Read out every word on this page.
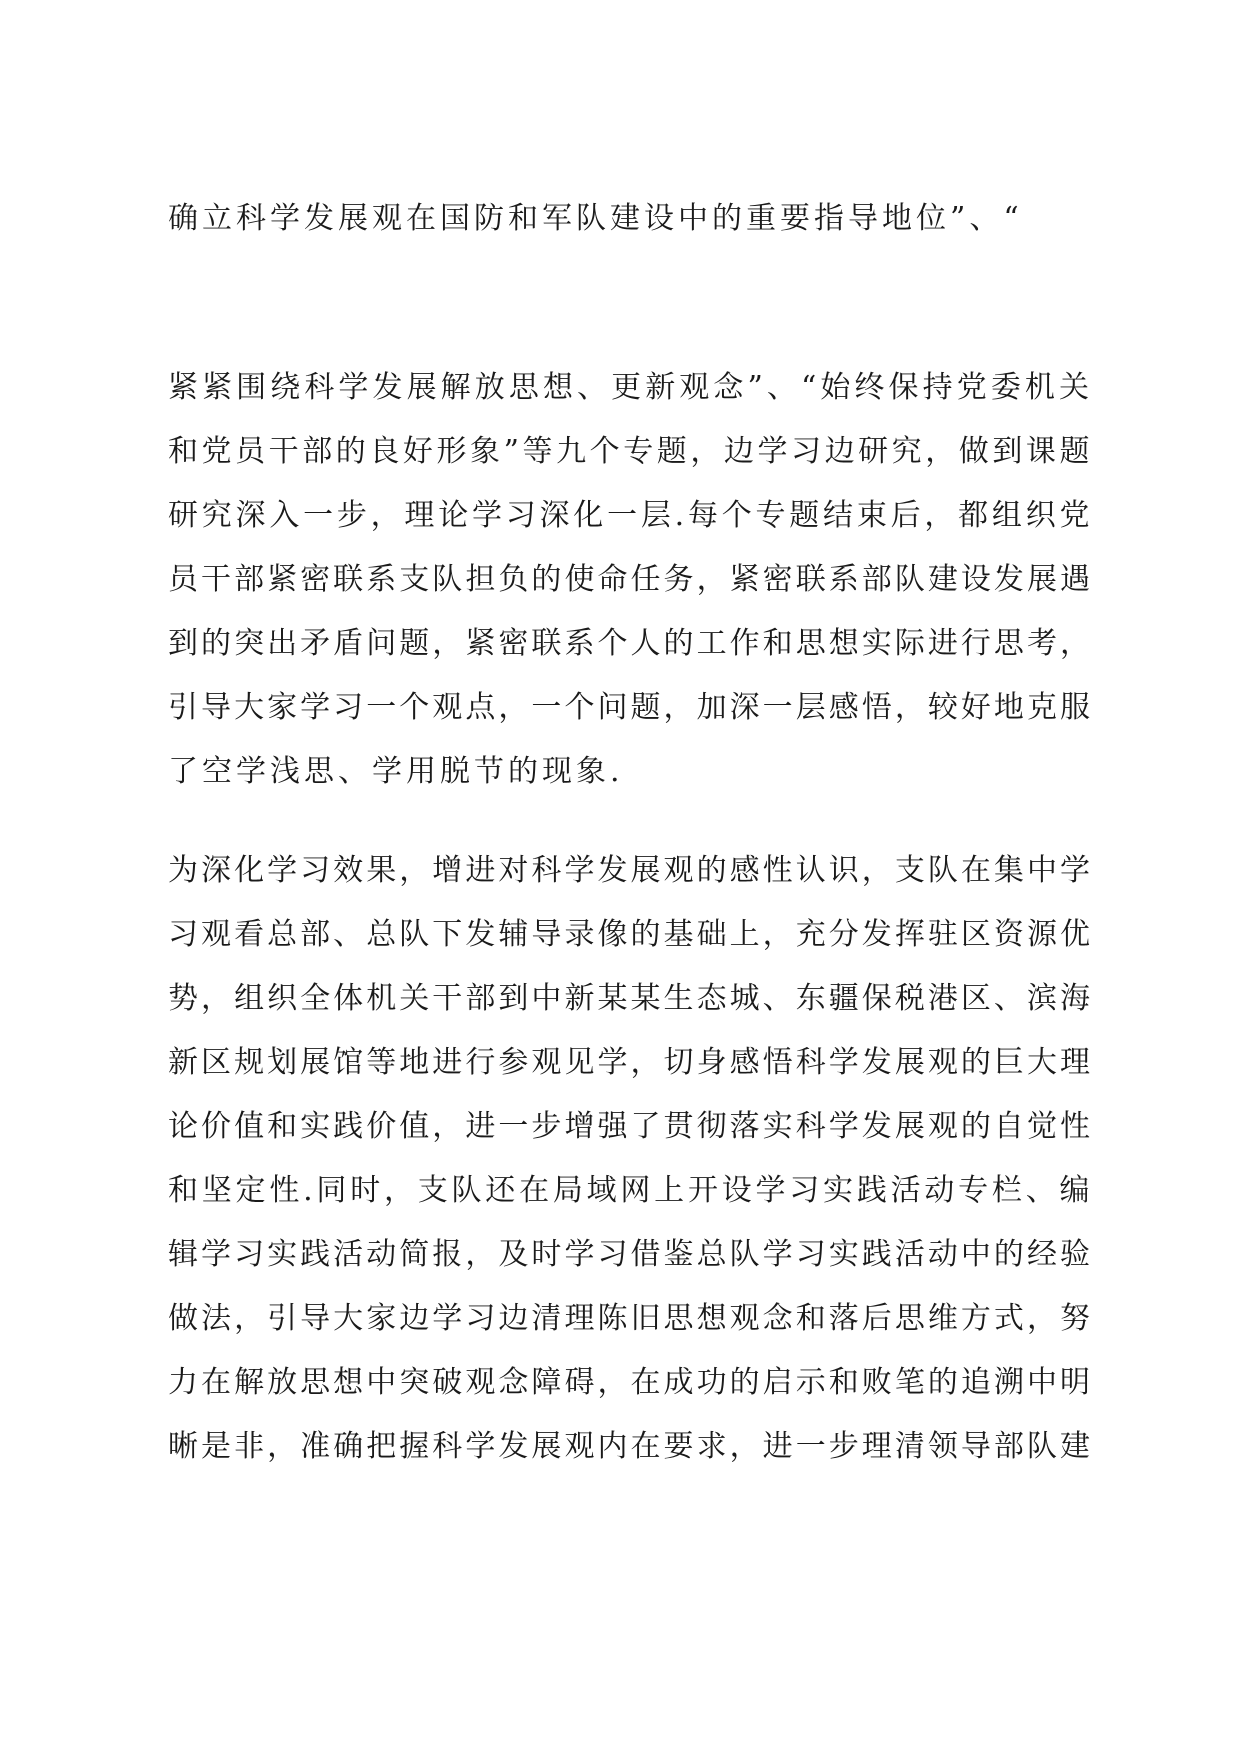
确立科学发展观在国防和军队建设中的重要指导地位”、“

紧紧围绕科学发展解放思想、更新观念”、“始终保持党委机关
和党员干部的良好形象”等九个专题，边学习边研究，做到课题
研究深入一步，理论学习深化一层.每个专题结束后，都组织党
员干部紧密联系支队担负的使命任务，紧密联系部队建设发展遇
到的突出矛盾问题，紧密联系个人的工作和思想实际进行思考，
引导大家学习一个观点，一个问题，加深一层感悟，较好地克服
了空学浅思、学用脱节的现象.

为深化学习效果，增进对科学发展观的感性认识，支队在集中学
习观看总部、总队下发辅导录像的基础上，充分发挥驻区资源优
势，组织全体机关干部到中新某某生态城、东疆保税港区、滨海
新区规划展馆等地进行参观见学，切身感悟科学发展观的巨大理
论价值和实践价值，进一步增强了贯彻落实科学发展观的自觉性
和坚定性.同时，支队还在局域网上开设学习实践活动专栏、编
辑学习实践活动简报，及时学习借鉴总队学习实践活动中的经验
做法，引导大家边学习边清理陈旧思想观念和落后思维方式，努
力在解放思想中突破观念障碍，在成功的启示和败笔的追溯中明
晰是非，准确把握科学发展观内在要求，进一步理清领导部队建
